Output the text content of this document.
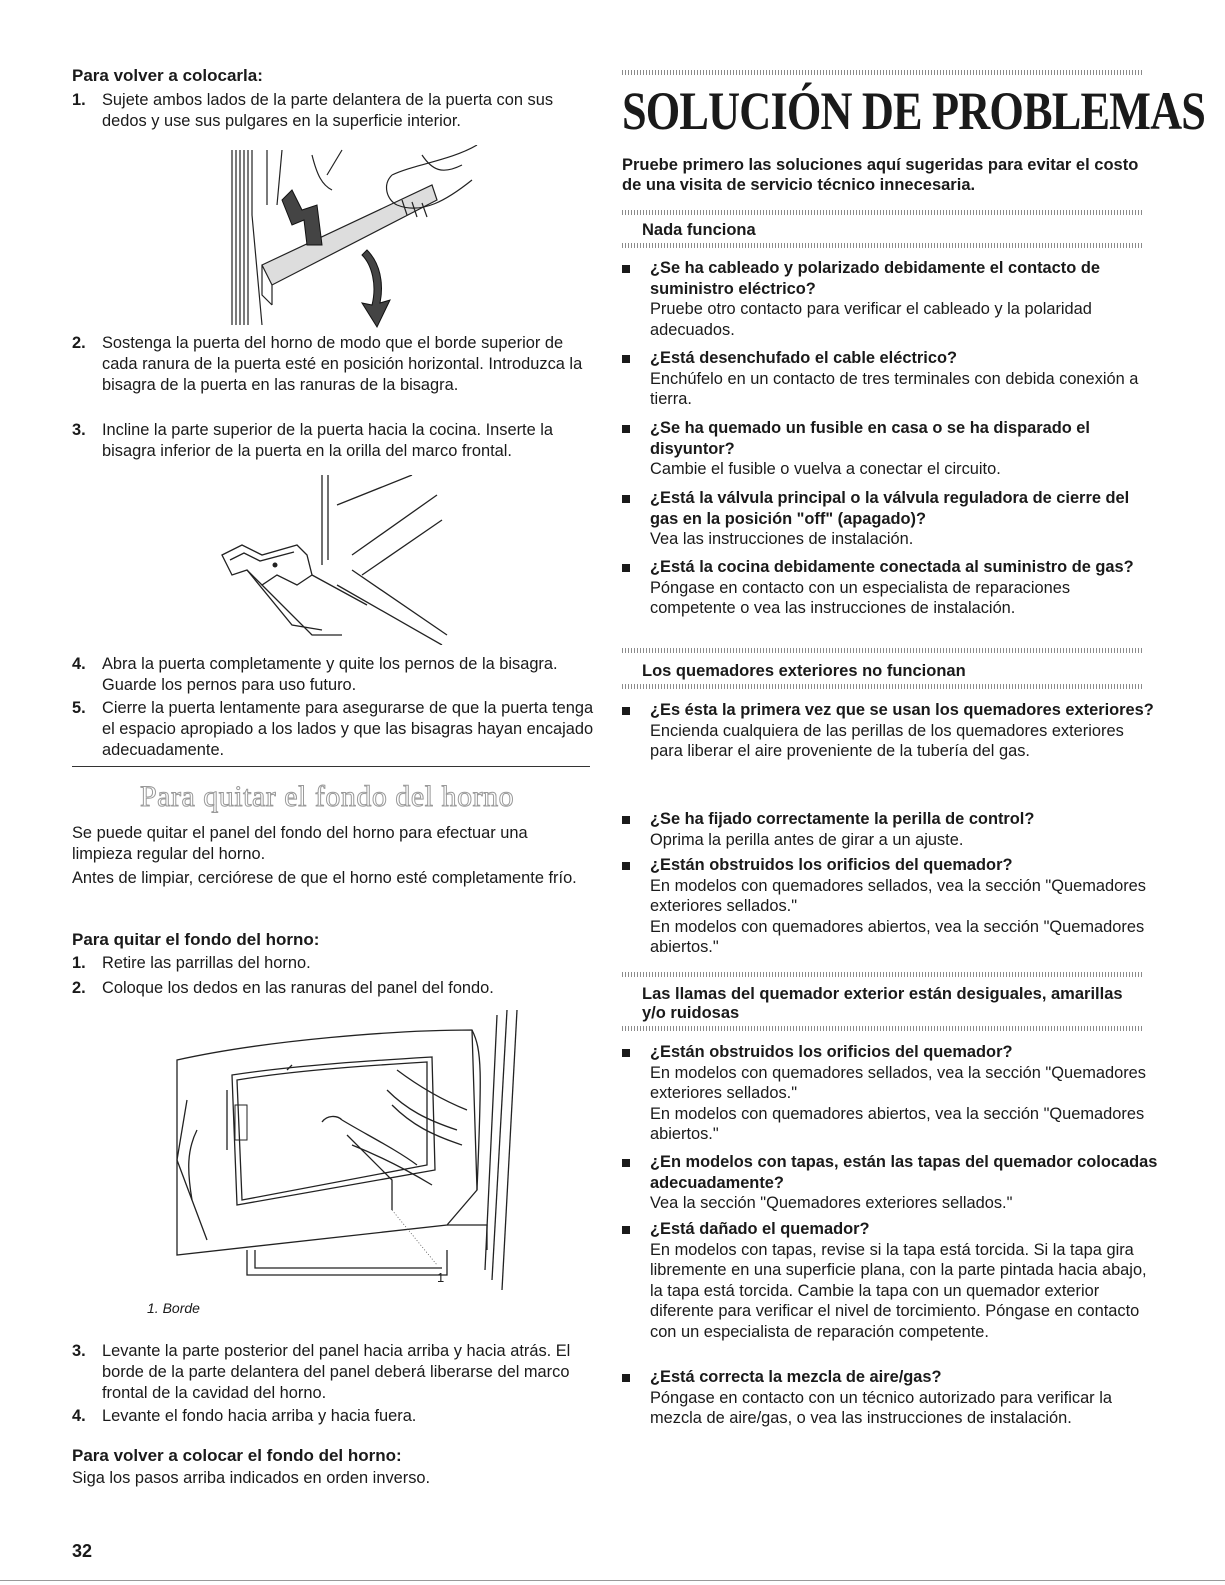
Para volver a colocarla:
1. Sujete ambos lados de la parte delantera de la puerta con sus dedos y use sus pulgares en la superficie interior.
2. Sostenga la puerta del horno de modo que el borde superior de cada ranura de la puerta esté en posición horizontal. Introduzca la bisagra de la puerta en las ranuras de la bisagra.
3. Incline la parte superior de la puerta hacia la cocina. Inserte la bisagra inferior de la puerta en la orilla del marco frontal.
4. Abra la puerta completamente y quite los pernos de la bisagra. Guarde los pernos para uso futuro.
5. Cierre la puerta lentamente para asegurarse de que la puerta tenga el espacio apropiado a los lados y que las bisagras hayan encajado adecuadamente.
Para quitar el fondo del horno

Se puede quitar el panel del fondo del horno para efectuar una limpieza regular del horno.

Antes de limpiar, cerciórese de que el horno esté completamente frío.

Para quitar el fondo del horno:
1. Retire las parrillas del horno.
2. Coloque los dedos en las ranuras del panel del fondo.
1
1. Borde
3. Levante la parte posterior del panel hacia arriba y hacia atrás. El borde de la parte delantera del panel deberá liberarse del marco frontal de la cavidad del horno.
4. Levante el fondo hacia arriba y hacia fuera.
Para volver a colocar el fondo del horno:

Siga los pasos arriba indicados en orden inverso.

32
SOLUCIÓN DE PROBLEMAS
Pruebe primero las soluciones aquí sugeridas para evitar el costo de una visita de servicio técnico innecesaria.
Nada funciona
¿Se ha cableado y polarizado debidamente el contacto de suministro eléctrico?
Pruebe otro contacto para verificar el cableado y la polaridad adecuados.
¿Está desenchufado el cable eléctrico?
Enchúfelo en un contacto de tres terminales con debida conexión a tierra.
¿Se ha quemado un fusible en casa o se ha disparado el disyuntor?
Cambie el fusible o vuelva a conectar el circuito.
¿Está la válvula principal o la válvula reguladora de cierre del gas en la posición "off" (apagado)?
Vea las instrucciones de instalación.
¿Está la cocina debidamente conectada al suministro de gas?
Póngase en contacto con un especialista de reparaciones competente o vea las instrucciones de instalación.
Los quemadores exteriores no funcionan
¿Es ésta la primera vez que se usan los quemadores exteriores?
Encienda cualquiera de las perillas de los quemadores exteriores para liberar el aire proveniente de la tubería del gas.
¿Se ha fijado correctamente la perilla de control?
Oprima la perilla antes de girar a un ajuste.
¿Están obstruidos los orificios del quemador?
En modelos con quemadores sellados, vea la sección "Quemadores exteriores sellados."
En modelos con quemadores abiertos, vea la sección "Quemadores abiertos."
Las llamas del quemador exterior están desiguales, amarillas y/o ruidosas
¿Están obstruidos los orificios del quemador?
En modelos con quemadores sellados, vea la sección "Quemadores exteriores sellados."
En modelos con quemadores abiertos, vea la sección "Quemadores abiertos."
¿En modelos con tapas, están las tapas del quemador colocadas adecuadamente?
Vea la sección "Quemadores exteriores sellados."
¿Está dañado el quemador?
En modelos con tapas, revise si la tapa está torcida. Si la tapa gira libremente en una superficie plana, con la parte pintada hacia abajo, la tapa está torcida. Cambie la tapa con un quemador exterior diferente para verificar el nivel de torcimiento. Póngase en contacto con un especialista de reparación competente.
¿Está correcta la mezcla de aire/gas?
Póngase en contacto con un técnico autorizado para verificar la mezcla de aire/gas, o vea las instrucciones de instalación.
